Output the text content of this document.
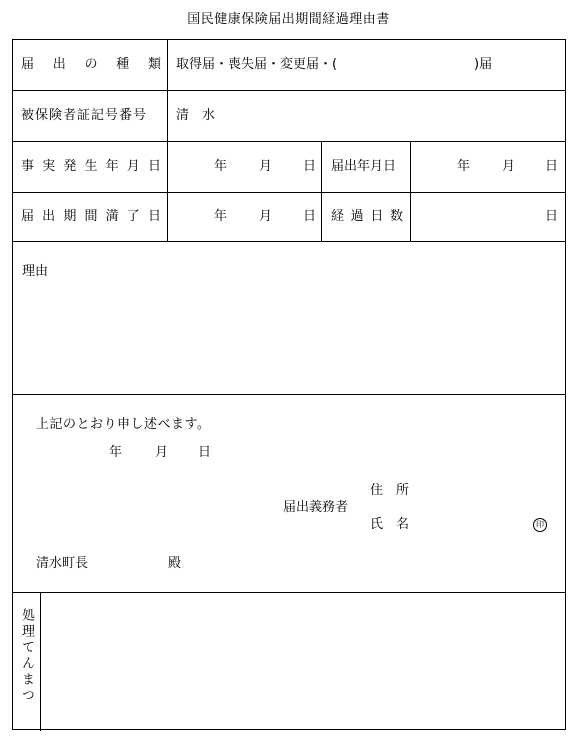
国民健康保険届出期間経過理由書
届 出 の 種 類 取得届・喪失届・変更届・(	)届
被保険者証記号番号 清　水
事 実 発 生 年 月 日	年 月 日 届出年月日	年 月 日
届 出 期 間 満 了 日	年 月 日 経 過 日 数	日
理由
上記のとおり申し述べます。
年	月 日
住　所
届出義務者
氏　名	印
清水町長	殿
処理てんまつ
